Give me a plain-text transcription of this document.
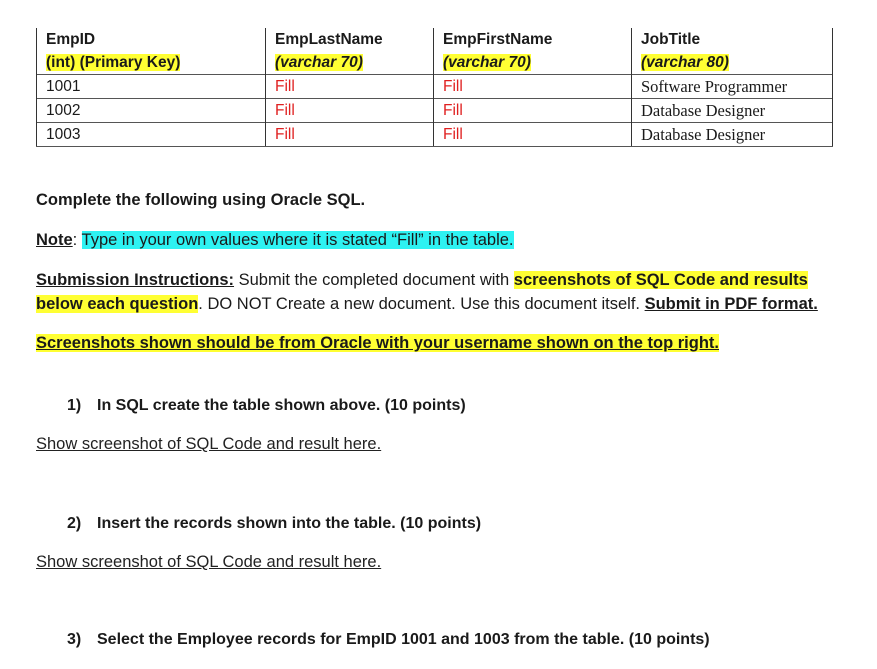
EmpID	EmpLastName	EmpFirstName	JobTitle
(int) (Primary Key)	(varchar 70)	(varchar 70)	(varchar 80)
1001	Fill	Fill	Software Programmer
1002	Fill	Fill	Database Designer
1003	Fill	Fill	Database Designer
Complete the following using Oracle SQL.
Note: Type in your own values where it is stated “Fill” in the table.
Submission Instructions: Submit the completed document with screenshots of SQL Code and results
below each question. DO NOT Create a new document. Use this document itself. Submit in PDF format.
Screenshots shown should be from Oracle with your username shown on the top right.
1) In SQL create the table shown above. (10 points)
Show screenshot of SQL Code and result here.
2) Insert the records shown into the table. (10 points)
Show screenshot of SQL Code and result here.
3) Select the Employee records for EmpID 1001 and 1003 from the table. (10 points)
